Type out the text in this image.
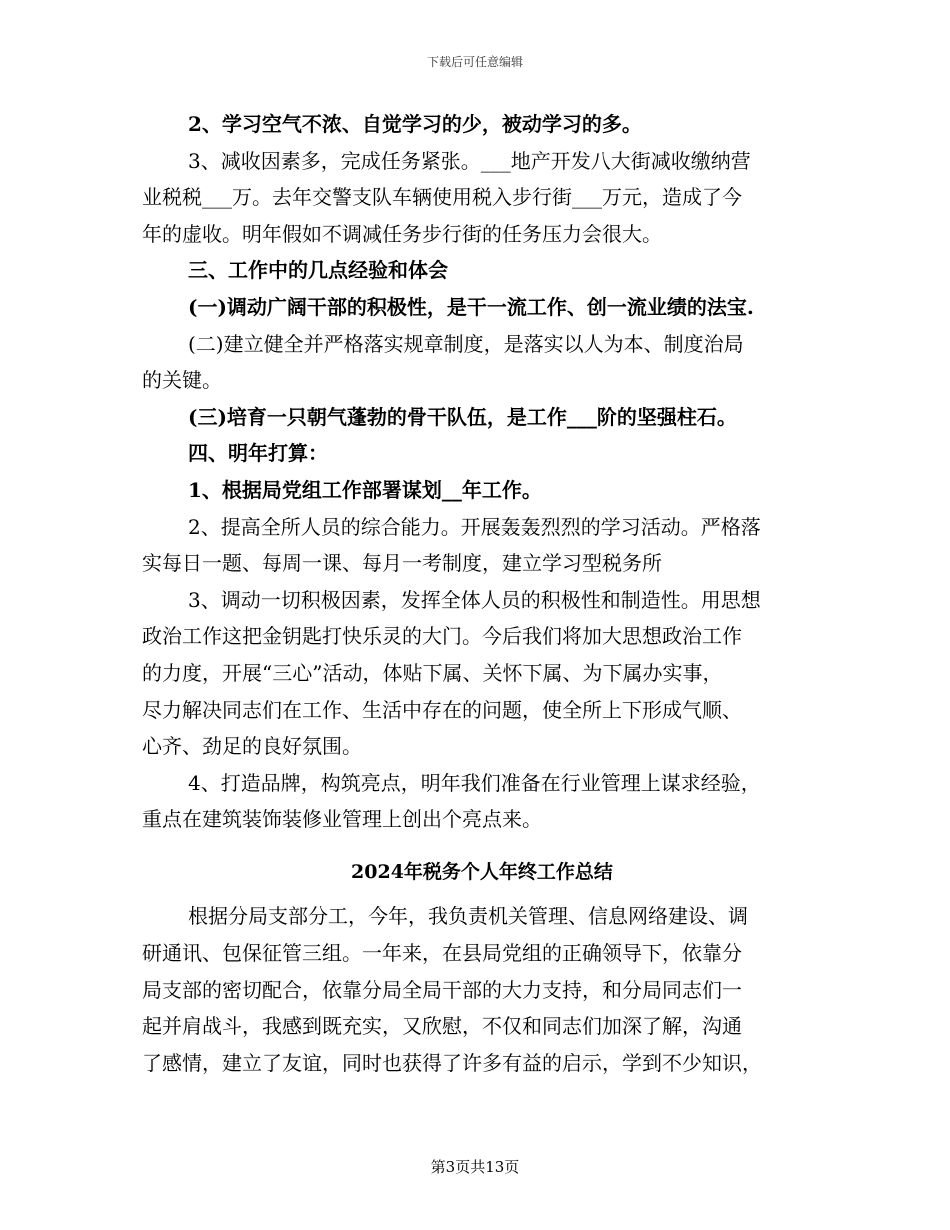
下载后可任意编辑
2、学习空气不浓、自觉学习的少，被动学习的多。
3、减收因素多，完成任务紧张。___地产开发八大街减收缴纳营
业税税___万。去年交警支队车辆使用税入步行街___万元，造成了今
年的虚收。明年假如不调减任务步行街的任务压力会很大。
三、工作中的几点经验和体会
(一)调动广阔干部的积极性，是干一流工作、创一流业绩的法宝.
(二)建立健全并严格落实规章制度，是落实以人为本、制度治局
的关键。
(三)培育一只朝气蓬勃的骨干队伍，是工作___阶的坚强柱石。
四、明年打算：
1、根据局党组工作部署谋划__年工作。
2、提高全所人员的综合能力。开展轰轰烈烈的学习活动。严格落
实每日一题、每周一课、每月一考制度，建立学习型税务所
3、调动一切积极因素，发挥全体人员的积极性和制造性。用思想
政治工作这把金钥匙打快乐灵的大门。今后我们将加大思想政治工作
的力度，开展“三心”活动，体贴下属、关怀下属、为下属办实事，
尽力解决同志们在工作、生活中存在的问题，使全所上下形成气顺、
心齐、劲足的良好氛围。
4、打造品牌，构筑亮点，明年我们准备在行业管理上谋求经验，
重点在建筑装饰装修业管理上创出个亮点来。
2024年税务个人年终工作总结
根据分局支部分工，今年，我负责机关管理、信息网络建设、调
研通讯、包保征管三组。一年来，在县局党组的正确领导下，依靠分
局支部的密切配合，依靠分局全局干部的大力支持，和分局同志们一
起并肩战斗，我感到既充实，又欣慰，不仅和同志们加深了解，沟通
了感情，建立了友谊，同时也获得了许多有益的启示，学到不少知识，
第3页共13页
